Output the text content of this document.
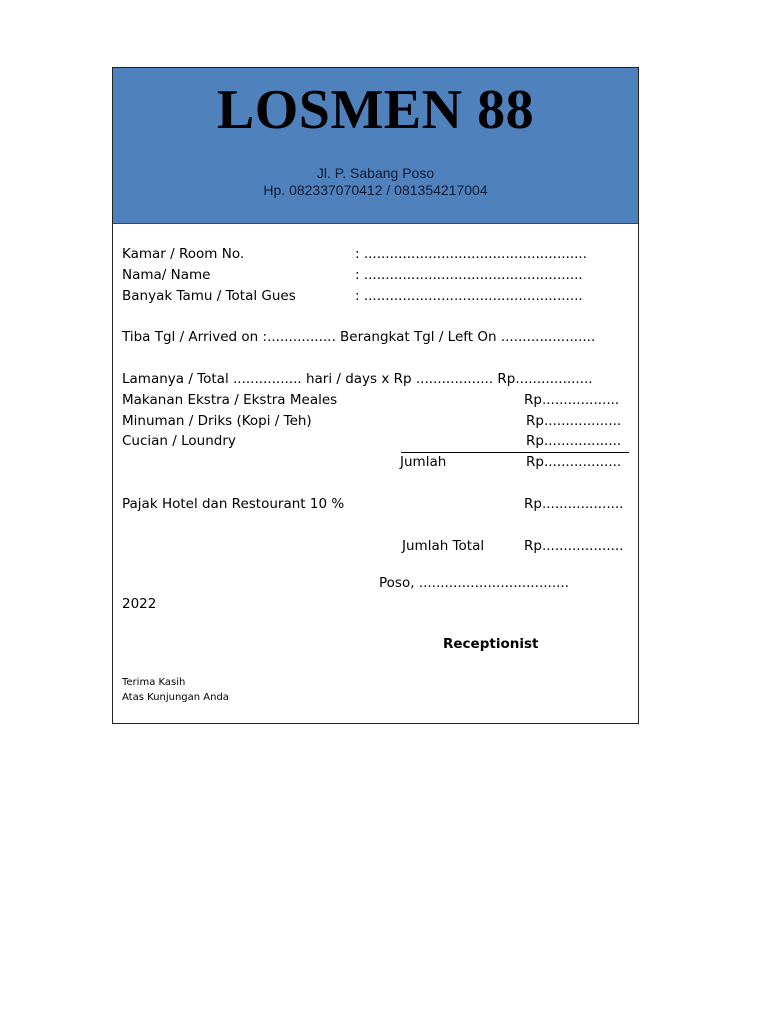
LOSMEN 88
Jl. P. Sabang Poso
Hp. 082337070412 / 081354217004
Kamar / Room No.	: ....................................................
Nama/ Name	: ...................................................
Banyak Tamu / Total Gues	: ...................................................
Tiba Tgl / Arrived on :................ Berangkat Tgl / Left On ......................
Lamanya / Total ................ hari / days x Rp .................. Rp..................
Makanan Ekstra / Ekstra Meales	Rp..................
Minuman / Driks (Kopi / Teh)	Rp..................
Cucian / Loundry	Rp..................
Jumlah	Rp..................
Pajak Hotel dan Restourant 10 %	Rp...................
Jumlah Total	Rp...................
Poso, ...................................
2022
Receptionist
Terima Kasih
Atas Kunjungan Anda
